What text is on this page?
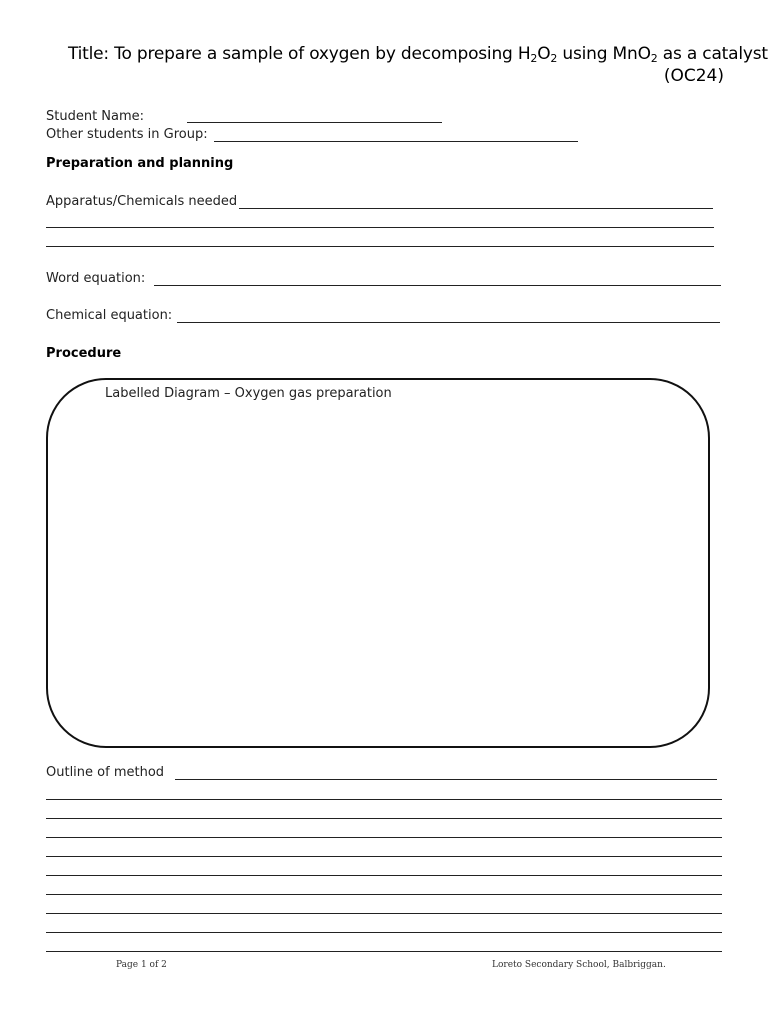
Title: To prepare a sample of oxygen by decomposing $H_2O_2$ using MnO$_2$ as a catalyst
(OC24)
Student Name:
Other students in Group:
Preparation and planning
Apparatus/Chemicals needed
Word equation:
Chemical equation:
Procedure
Labelled Diagram – Oxygen gas preparation
Outline of method
Page 1 of 2	Loreto Secondary School, Balbriggan.
